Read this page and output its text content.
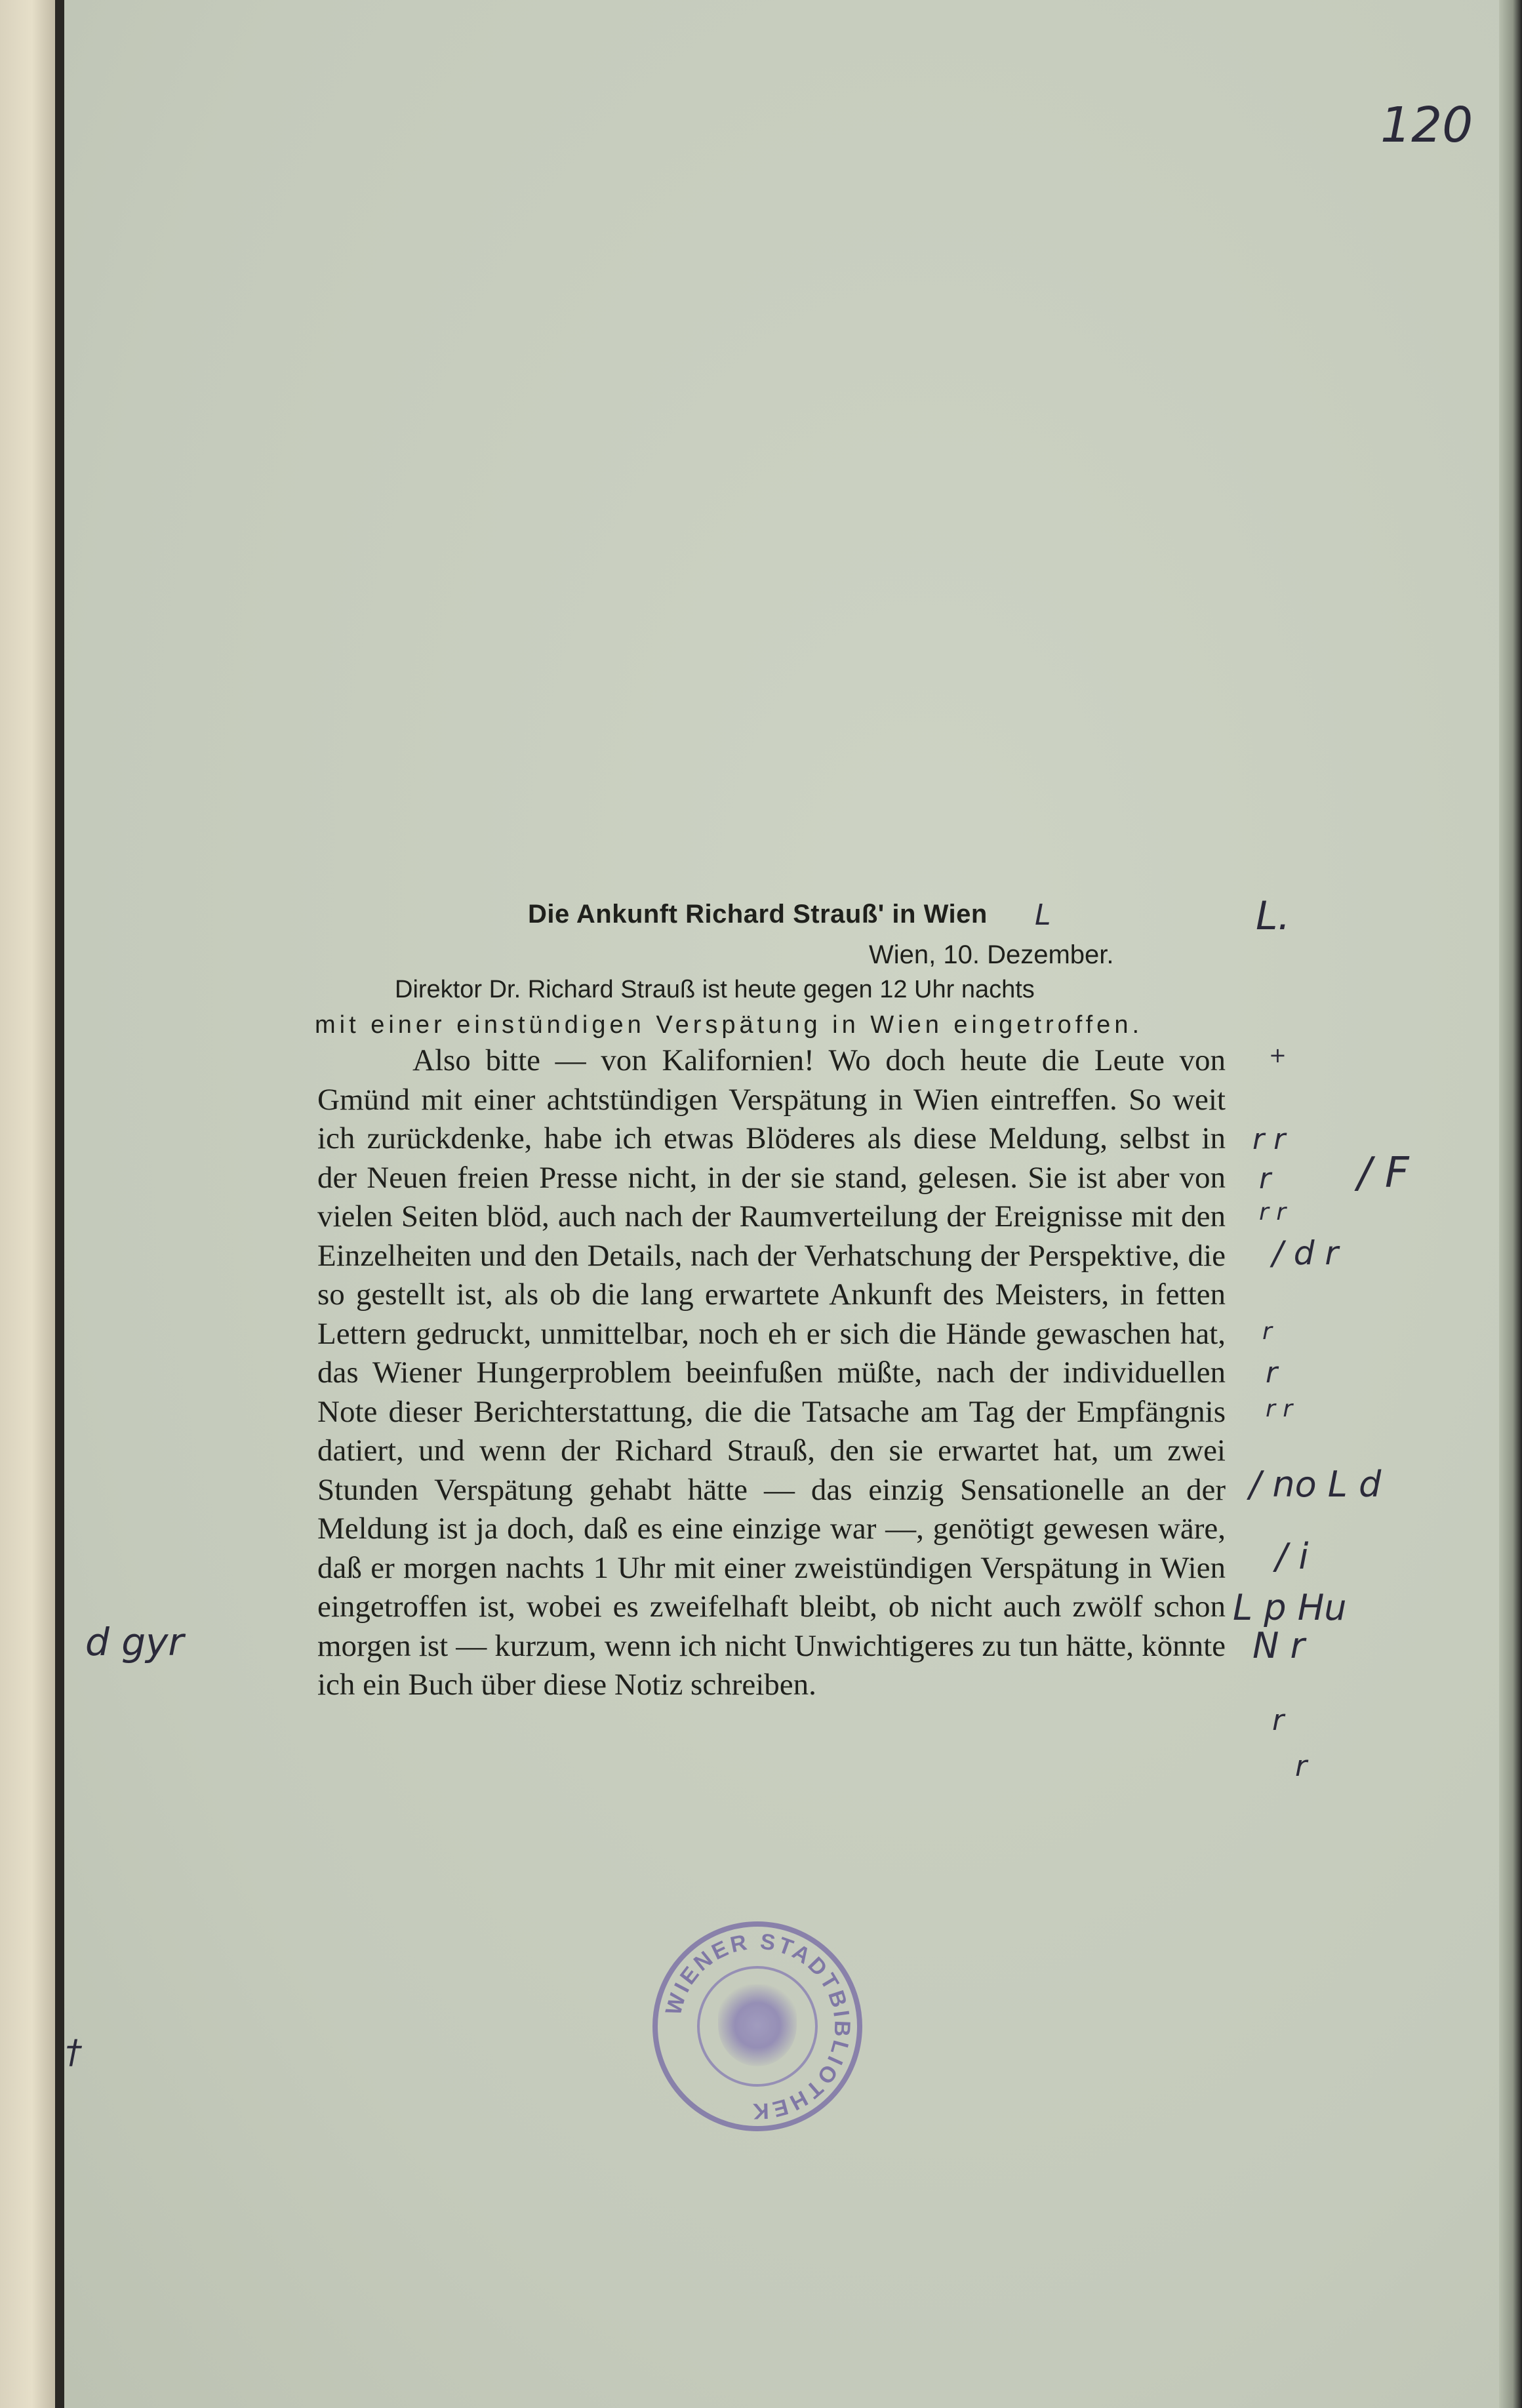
120
Die Ankunft Richard Strauß' in Wien	L	L.
Wien, 10. Dezember.
Direktor Dr. Richard Strauß ist heute gegen 12 Uhr nachts
mit einer einstündigen Verspätung in Wien eingetroffen.

Also bitte — von Kalifornien! Wo doch heute die Leute von Gmünd mit einer achtstündigen Verspätung in Wien eintreffen. So weit ich zurückdenke, habe ich etwas Blöderes als diese Meldung, selbst in der Neuen freien Presse nicht, in der sie stand, gelesen. Sie ist aber von vielen Seiten blöd, auch nach der Raumverteilung der Ereignisse mit den Einzelheiten und den Details, nach der Verhatschung der Perspektive, die so gestellt ist, als ob die lang erwartete Ankunft des Meisters, in fetten Lettern gedruckt, unmittelbar, noch eh er sich die Hände gewaschen hat, das Wiener Hungerproblem beeinfußen müßte, nach der individuellen Note dieser Berichterstattung, die die Tatsache am Tag der Empfängnis datiert, und wenn der Richard Strauß, den sie erwartet hat, um zwei Stunden Verspätung gehabt hätte — das einzig Sensationelle an der Meldung ist ja doch, daß es eine einzige war —, genötigt gewesen wäre, daß er morgen nachts 1 Uhr mit einer zweistündigen Verspätung in Wien eingetroffen ist, wobei es zweifelhaft bleibt, ob nicht auch zwölf schon morgen ist — kurzum, wenn ich nicht Unwichtigeres zu tun hätte, könnte ich ein Buch über diese Notiz schreiben.

+
r r
r / F
r r
/ d r
r
r
r r
/ no L d
/ i
L p Hu
N r
r
r
d gyr
†
WIENER STADTBIBLIOTHEK
